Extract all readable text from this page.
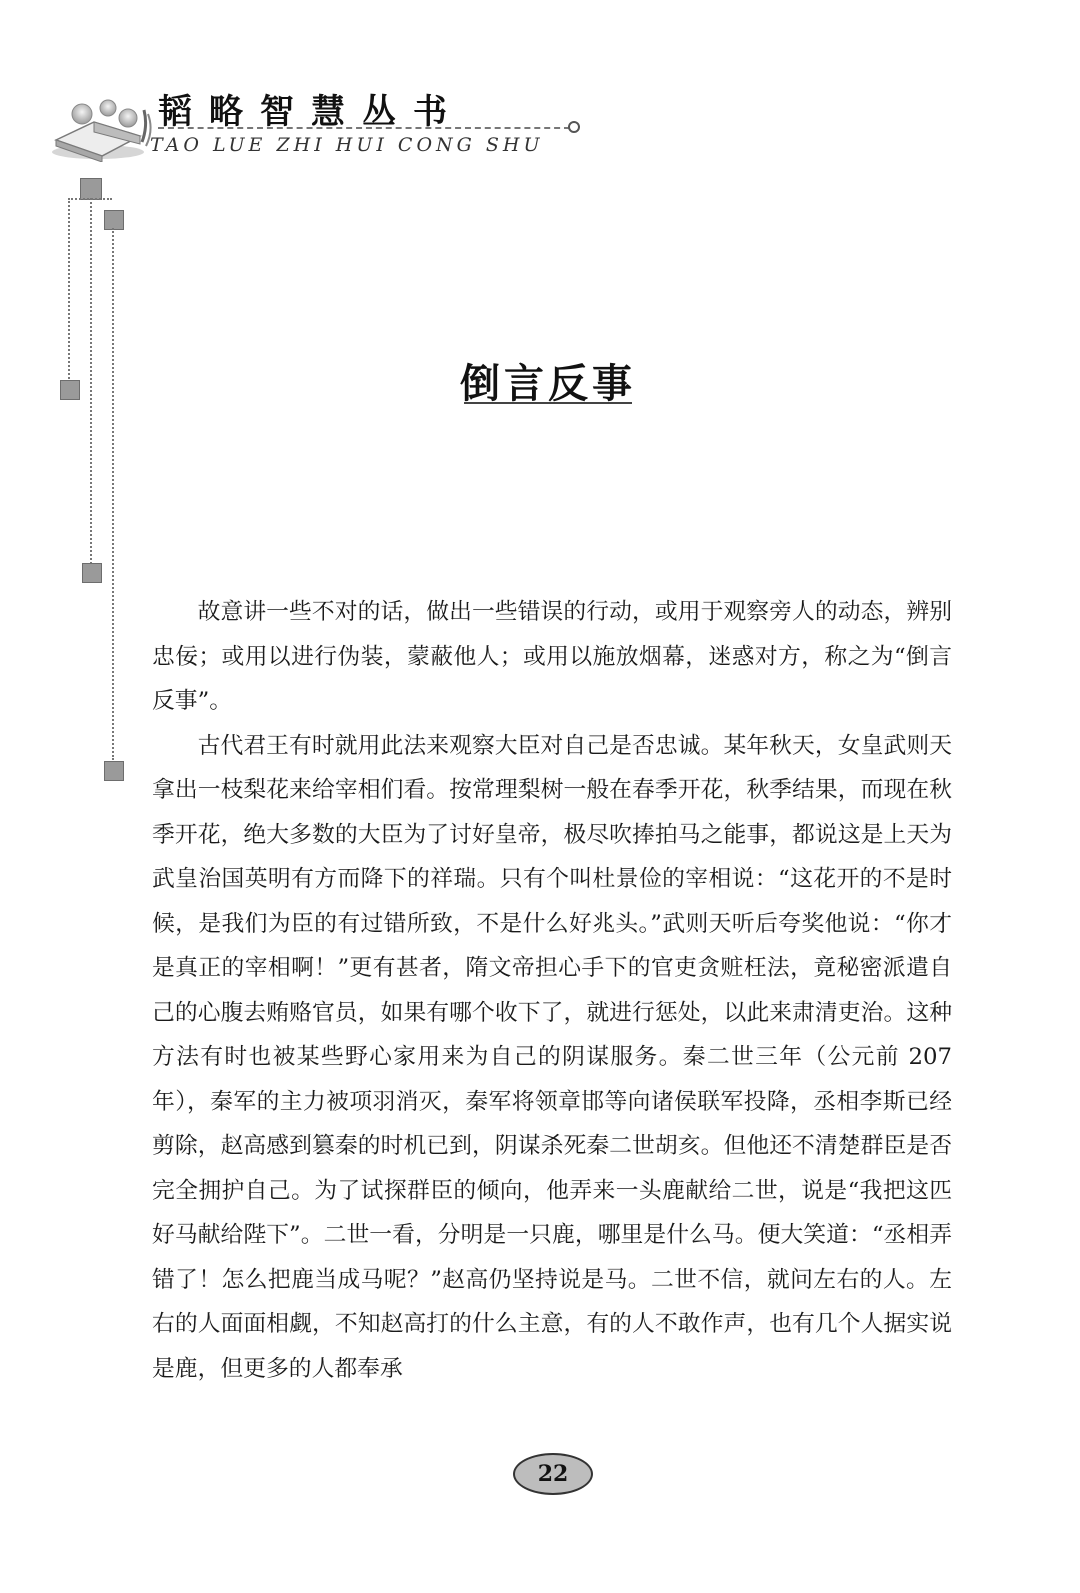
韬略智慧丛书
TAO LUE ZHI HUI CONG SHU
倒言反事

故意讲一些不对的话，做出一些错误的行动，或用于观察旁人的动态，辨别忠佞；或用以进行伪装，蒙蔽他人；或用以施放烟幕，迷惑对方，称之为“倒言反事”。

古代君王有时就用此法来观察大臣对自己是否忠诚。某年秋天，女皇武则天拿出一枝梨花来给宰相们看。按常理梨树一般在春季开花，秋季结果，而现在秋季开花，绝大多数的大臣为了讨好皇帝，极尽吹捧拍马之能事，都说这是上天为武皇治国英明有方而降下的祥瑞。只有个叫杜景俭的宰相说：“这花开的不是时候，是我们为臣的有过错所致，不是什么好兆头。”武则天听后夸奖他说：“你才是真正的宰相啊！”更有甚者，隋文帝担心手下的官吏贪赃枉法，竟秘密派遣自己的心腹去贿赂官员，如果有哪个收下了，就进行惩处，以此来肃清吏治。这种方法有时也被某些野心家用来为自己的阴谋服务。秦二世三年（公元前 207 年），秦军的主力被项羽消灭，秦军将领章邯等向诸侯联军投降，丞相李斯已经剪除，赵高感到篡秦的时机已到，阴谋杀死秦二世胡亥。但他还不清楚群臣是否完全拥护自己。为了试探群臣的倾向，他弄来一头鹿献给二世，说是“我把这匹好马献给陛下”。二世一看，分明是一只鹿，哪里是什么马。便大笑道：“丞相弄错了！怎么把鹿当成马呢？”赵高仍坚持说是马。二世不信，就问左右的人。左右的人面面相觑，不知赵高打的什么主意，有的人不敢作声，也有几个人据实说是鹿，但更多的人都奉承

22
